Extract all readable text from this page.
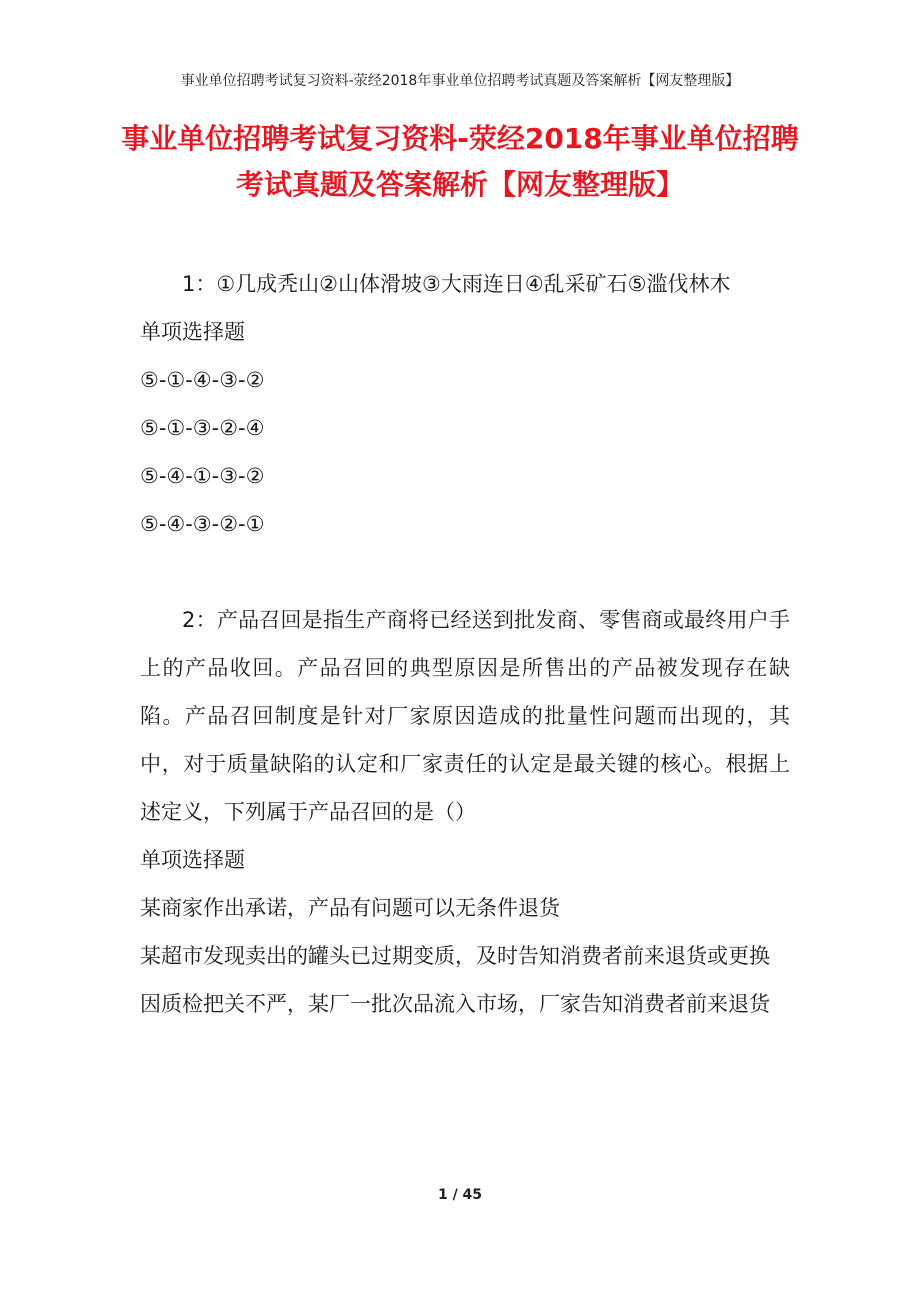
事业单位招聘考试复习资料-荥经2018年事业单位招聘考试真题及答案解析【网友整理版】
事业单位招聘考试复习资料-荥经2018年事业单位招聘考试真题及答案解析【网友整理版】

1：①几成秃山②山体滑坡③大雨连日④乱采矿石⑤滥伐林木

单项选择题

⑤-①-④-③-②

⑤-①-③-②-④

⑤-④-①-③-②

⑤-④-③-②-①

2：产品召回是指生产商将已经送到批发商、零售商或最终用户手上的产品收回。产品召回的典型原因是所售出的产品被发现存在缺陷。产品召回制度是针对厂家原因造成的批量性问题而出现的，其中，对于质量缺陷的认定和厂家责任的认定是最关键的核心。根据上述定义，下列属于产品召回的是（）

单项选择题

某商家作出承诺，产品有问题可以无条件退货

某超市发现卖出的罐头已过期变质，及时告知消费者前来退货或更换

因质检把关不严，某厂一批次品流入市场，厂家告知消费者前来退货

1 / 45
